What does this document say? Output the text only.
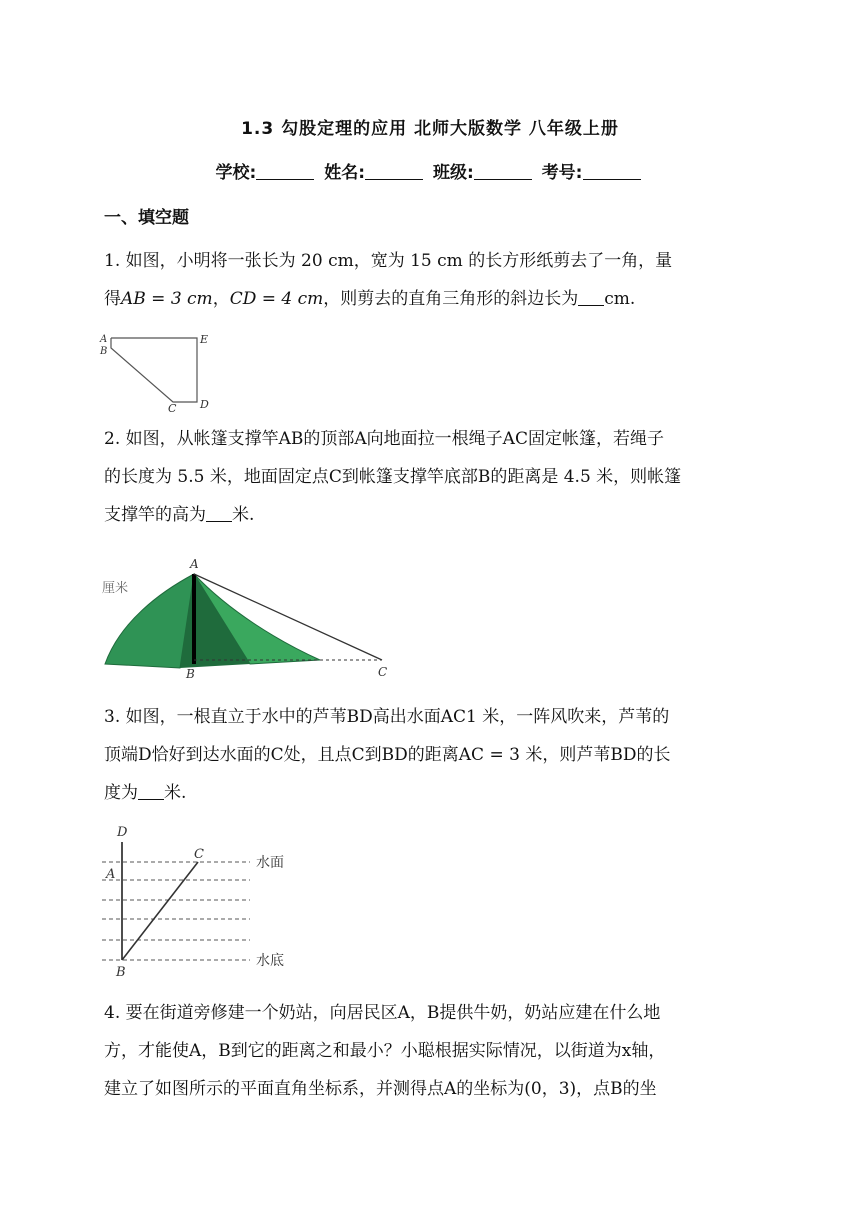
1.3 勾股定理的应用 北师大版数学 八年级上册
学校:	姓名:	班级:	考号:
一、填空题
1. 如图，小明将一张长为 20 cm，宽为 15 cm 的长方形纸剪去了一角，量
得AB = 3 cm，CD = 4 cm，则剪去的直角三角形的斜边长为 cm.
A
B
E
C D
2. 如图，从帐篷支撑竿AB的顶部A向地面拉一根绳子AC固定帐篷，若绳子
的长度为 5.5 米，地面固定点C到帐篷支撑竿底部B的距离是 4.5 米，则帐篷
支撑竿的高为 米.
厘米
A
B	C
3. 如图，一根直立于水中的芦苇BD高出水面AC1 米，一阵风吹来，芦苇的
顶端D恰好到达水面的C处，且点C到BD的距离AC = 3 米，则芦苇BD的长
度为 米.
D
A
B
C
水面
水底
4. 要在街道旁修建一个奶站，向居民区A，B提供牛奶，奶站应建在什么地
方，才能使A，B到它的距离之和最小？小聪根据实际情况，以街道为x轴，
建立了如图所示的平面直角坐标系，并测得点A的坐标为(0，3)，点B的坐
